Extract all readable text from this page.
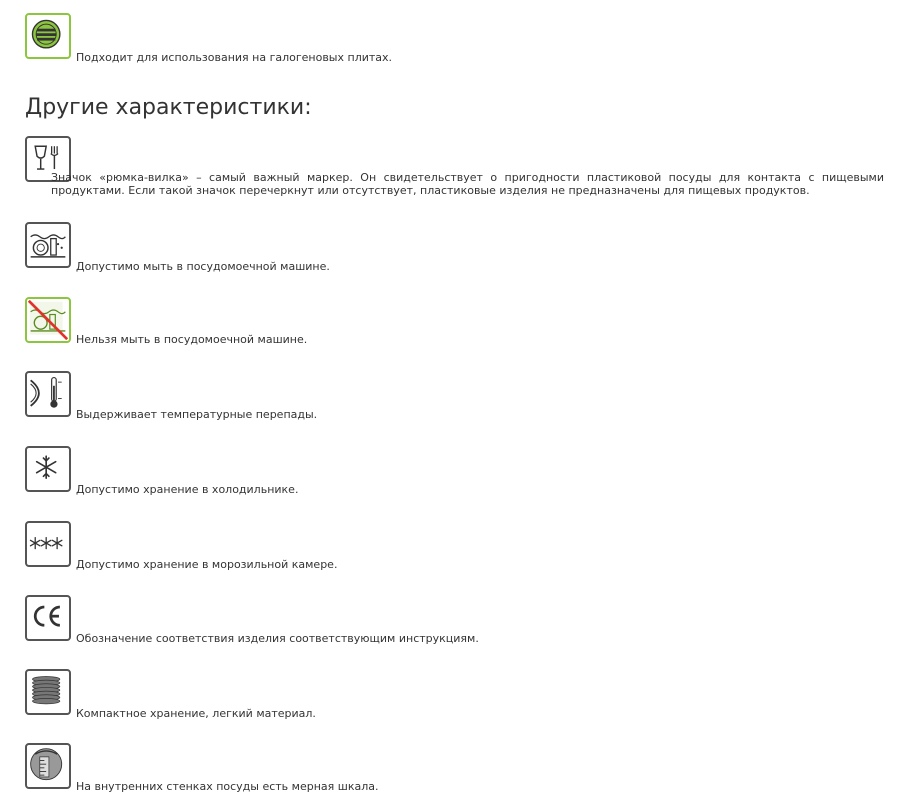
Подходит для использования на галогеновых плитах.
Другие характеристики:

Значок «рюмка-вилка» – самый важный маркер. Он свидетельствует о пригодности пластиковой посуды для контакта с пищевыми продуктами. Если такой значок перечеркнут или отсутствует, пластиковые изделия не предназначены для пищевых продуктов.

Допустимо мыть в посудомоечной машине.
Нельзя мыть в посудомоечной машине.
Выдерживает температурные перепады.
Допустимо хранение в холодильнике.
Допустимо хранение в морозильной камере.
Обозначение соответствия изделия соответствующим инструкциям.
Компактное хранение, легкий материал.
На внутренних стенках посуды есть мерная шкала.
